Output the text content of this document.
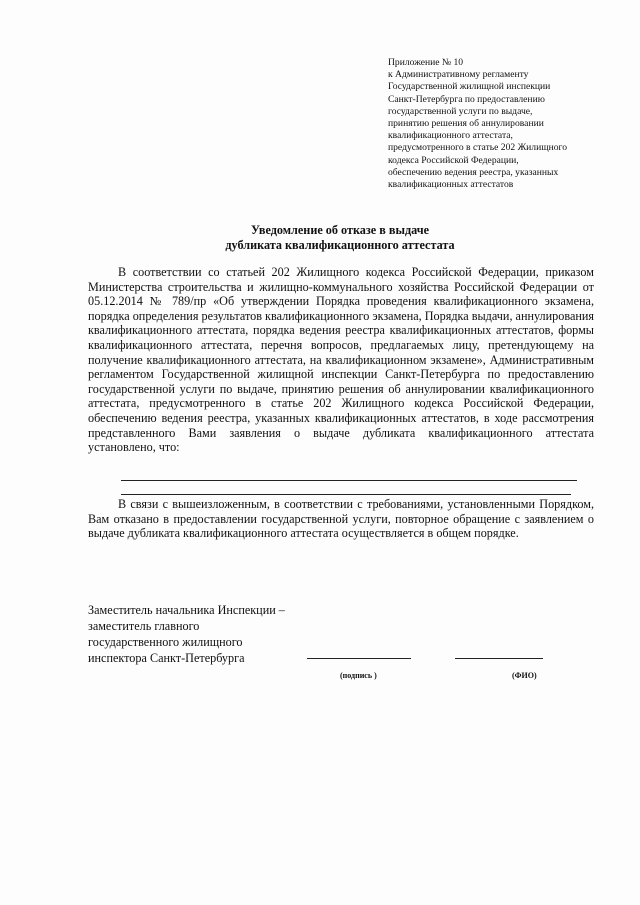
Приложение № 10
к Административному регламенту
Государственной жилищной инспекции
Санкт-Петербурга по предоставлению
государственной услуги по выдаче,
принятию решения об аннулировании
квалификационного аттестата,
предусмотренного в статье 202 Жилищного
кодекса Российской Федерации,
обеспечению ведения реестра, указанных
квалификационных аттестатов
Уведомление об отказе в выдаче
дубликата квалификационного аттестата
В соответствии со статьей 202 Жилищного кодекса Российской Федерации, приказом Министерства строительства и жилищно-коммунального хозяйства Российской Федерации от 05.12.2014 № 789/пр «Об утверждении Порядка проведения квалификационного экзамена, порядка определения результатов квалификационного экзамена, Порядка выдачи, аннулирования квалификационного аттестата, порядка ведения реестра квалификационных аттестатов, формы квалификационного аттестата, перечня вопросов, предлагаемых лицу, претендующему на получение квалификационного аттестата, на квалификационном экзамене», Административным регламентом Государственной жилищной инспекции Санкт-Петербурга по предоставлению государственной услуги по выдаче, принятию решения об аннулировании квалификационного аттестата, предусмотренного в статье 202 Жилищного кодекса Российской Федерации, обеспечению ведения реестра, указанных квалификационных аттестатов, в ходе рассмотрения представленного Вами заявления о выдаче дубликата квалификационного аттестата установлено, что:
В связи с вышеизложенным, в соответствии с требованиями, установленными Порядком, Вам отказано в предоставлении государственной услуги, повторное обращение с заявлением о выдаче дубликата квалификационного аттестата осуществляется в общем порядке.
Заместитель начальника Инспекции –
заместитель главного
государственного жилищного
инспектора Санкт-Петербурга
(подпись )	(ФИО)
